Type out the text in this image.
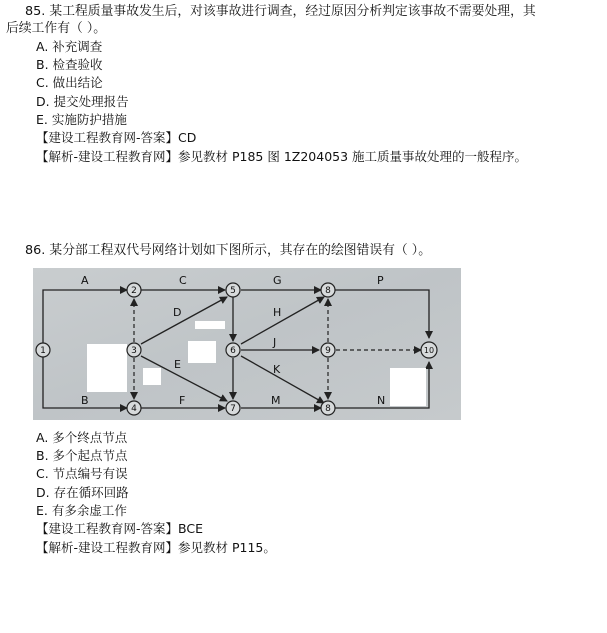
85. 某工程质量事故发生后，对该事故进行调查，经过原因分析判定该事故不需要处理，其
后续工作有（ ）。
A. 补充调查
B. 检查验收
C. 做出结论
D. 提交处理报告
E. 实施防护措施
【建设工程教育网-答案】CD
【解析-建设工程教育网】参见教材 P185 图 1Z204053 施工质量事故处理的一般程序。
86. 某分部工程双代号网络计划如下图所示，其存在的绘图错误有（ ）。
A
B
C
D
E
F
G
H
J
K
M
P
N
1
2
3
4
5
6
7
8
9
8
10
A. 多个终点节点
B. 多个起点节点
C. 节点编号有误
D. 存在循环回路
E. 有多余虚工作
【建设工程教育网-答案】BCE
【解析-建设工程教育网】参见教材 P115。
